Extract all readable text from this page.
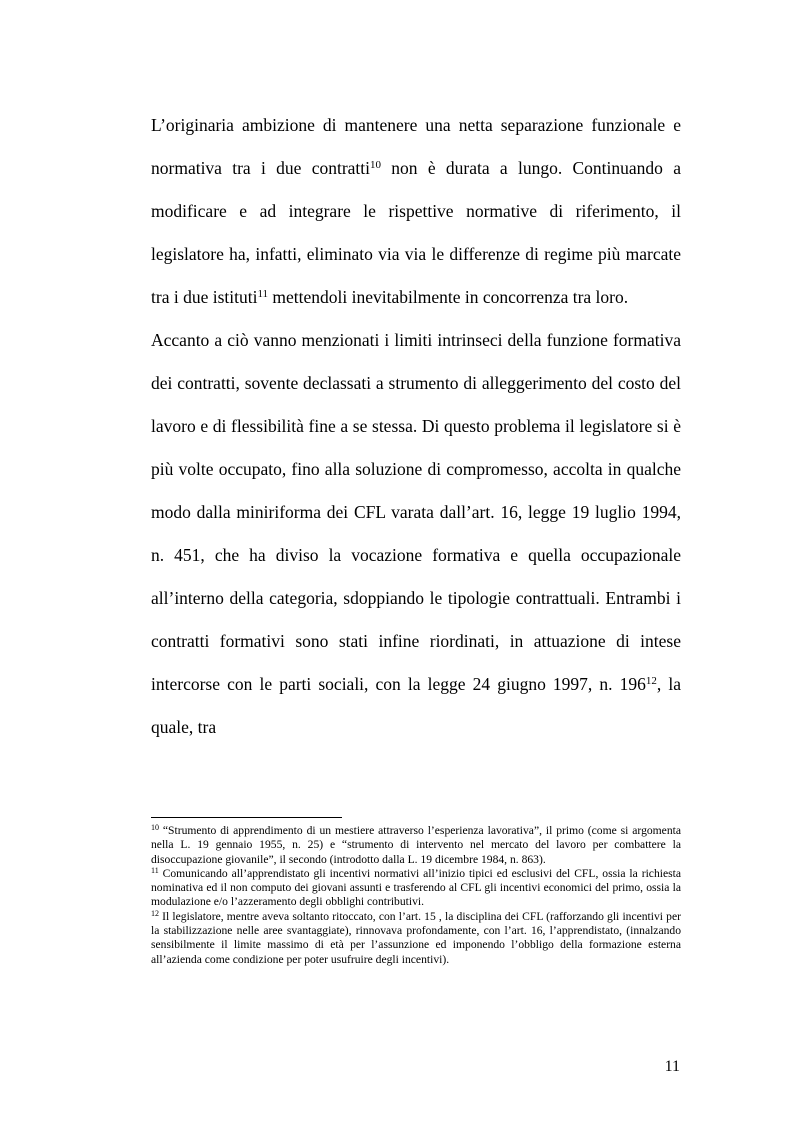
L’originaria ambizione di mantenere una netta separazione funzionale e normativa tra i due contratti$^{10}$ non è durata a lungo. Continuando a modificare e ad integrare le rispettive normative di riferimento, il legislatore ha, infatti, eliminato via via le differenze di regime più marcate tra i due istituti$^{11}$ mettendoli inevitabilmente in concorrenza tra loro.

Accanto a ciò vanno menzionati i limiti intrinseci della funzione formativa dei contratti, sovente declassati a strumento di alleggerimento del costo del lavoro e di flessibilità fine a se stessa. Di questo problema il legislatore si è più volte occupato, fino alla soluzione di compromesso, accolta in qualche modo dalla miniriforma dei CFL varata dall’art. 16, legge 19 luglio 1994, n. 451, che ha diviso la vocazione formativa e quella occupazionale all’interno della categoria, sdoppiando le tipologie contrattuali. Entrambi i contratti formativi sono stati infine riordinati, in attuazione di intese intercorse con le parti sociali, con la legge 24 giugno 1997, n. $196^{12}$, la quale, tra

$^{10}$ “Strumento di apprendimento di un mestiere attraverso l’esperienza lavorativa”, il primo (come si argomenta nella L. 19 gennaio 1955, n. 25) e “strumento di intervento nel mercato del lavoro per combattere la disoccupazione giovanile”, il secondo (introdotto dalla L. 19 dicembre 1984, n. 863).

$^{11}$ Comunicando all’apprendistato gli incentivi normativi all’inizio tipici ed esclusivi del CFL, ossia la richiesta nominativa ed il non computo dei giovani assunti e trasferendo al CFL gli incentivi economici del primo, ossia la modulazione e/o l’azzeramento degli obblighi contributivi.

$^{12}$ Il legislatore, mentre aveva soltanto ritoccato, con l’art. 15 , la disciplina dei CFL (rafforzando gli incentivi per la stabilizzazione nelle aree svantaggiate), rinnovava profondamente, con l’art. 16, l’apprendistato, (innalzando sensibilmente il limite massimo di età per l’assunzione ed imponendo l’obbligo della formazione esterna all’azienda come condizione per poter usufruire degli incentivi).

11
